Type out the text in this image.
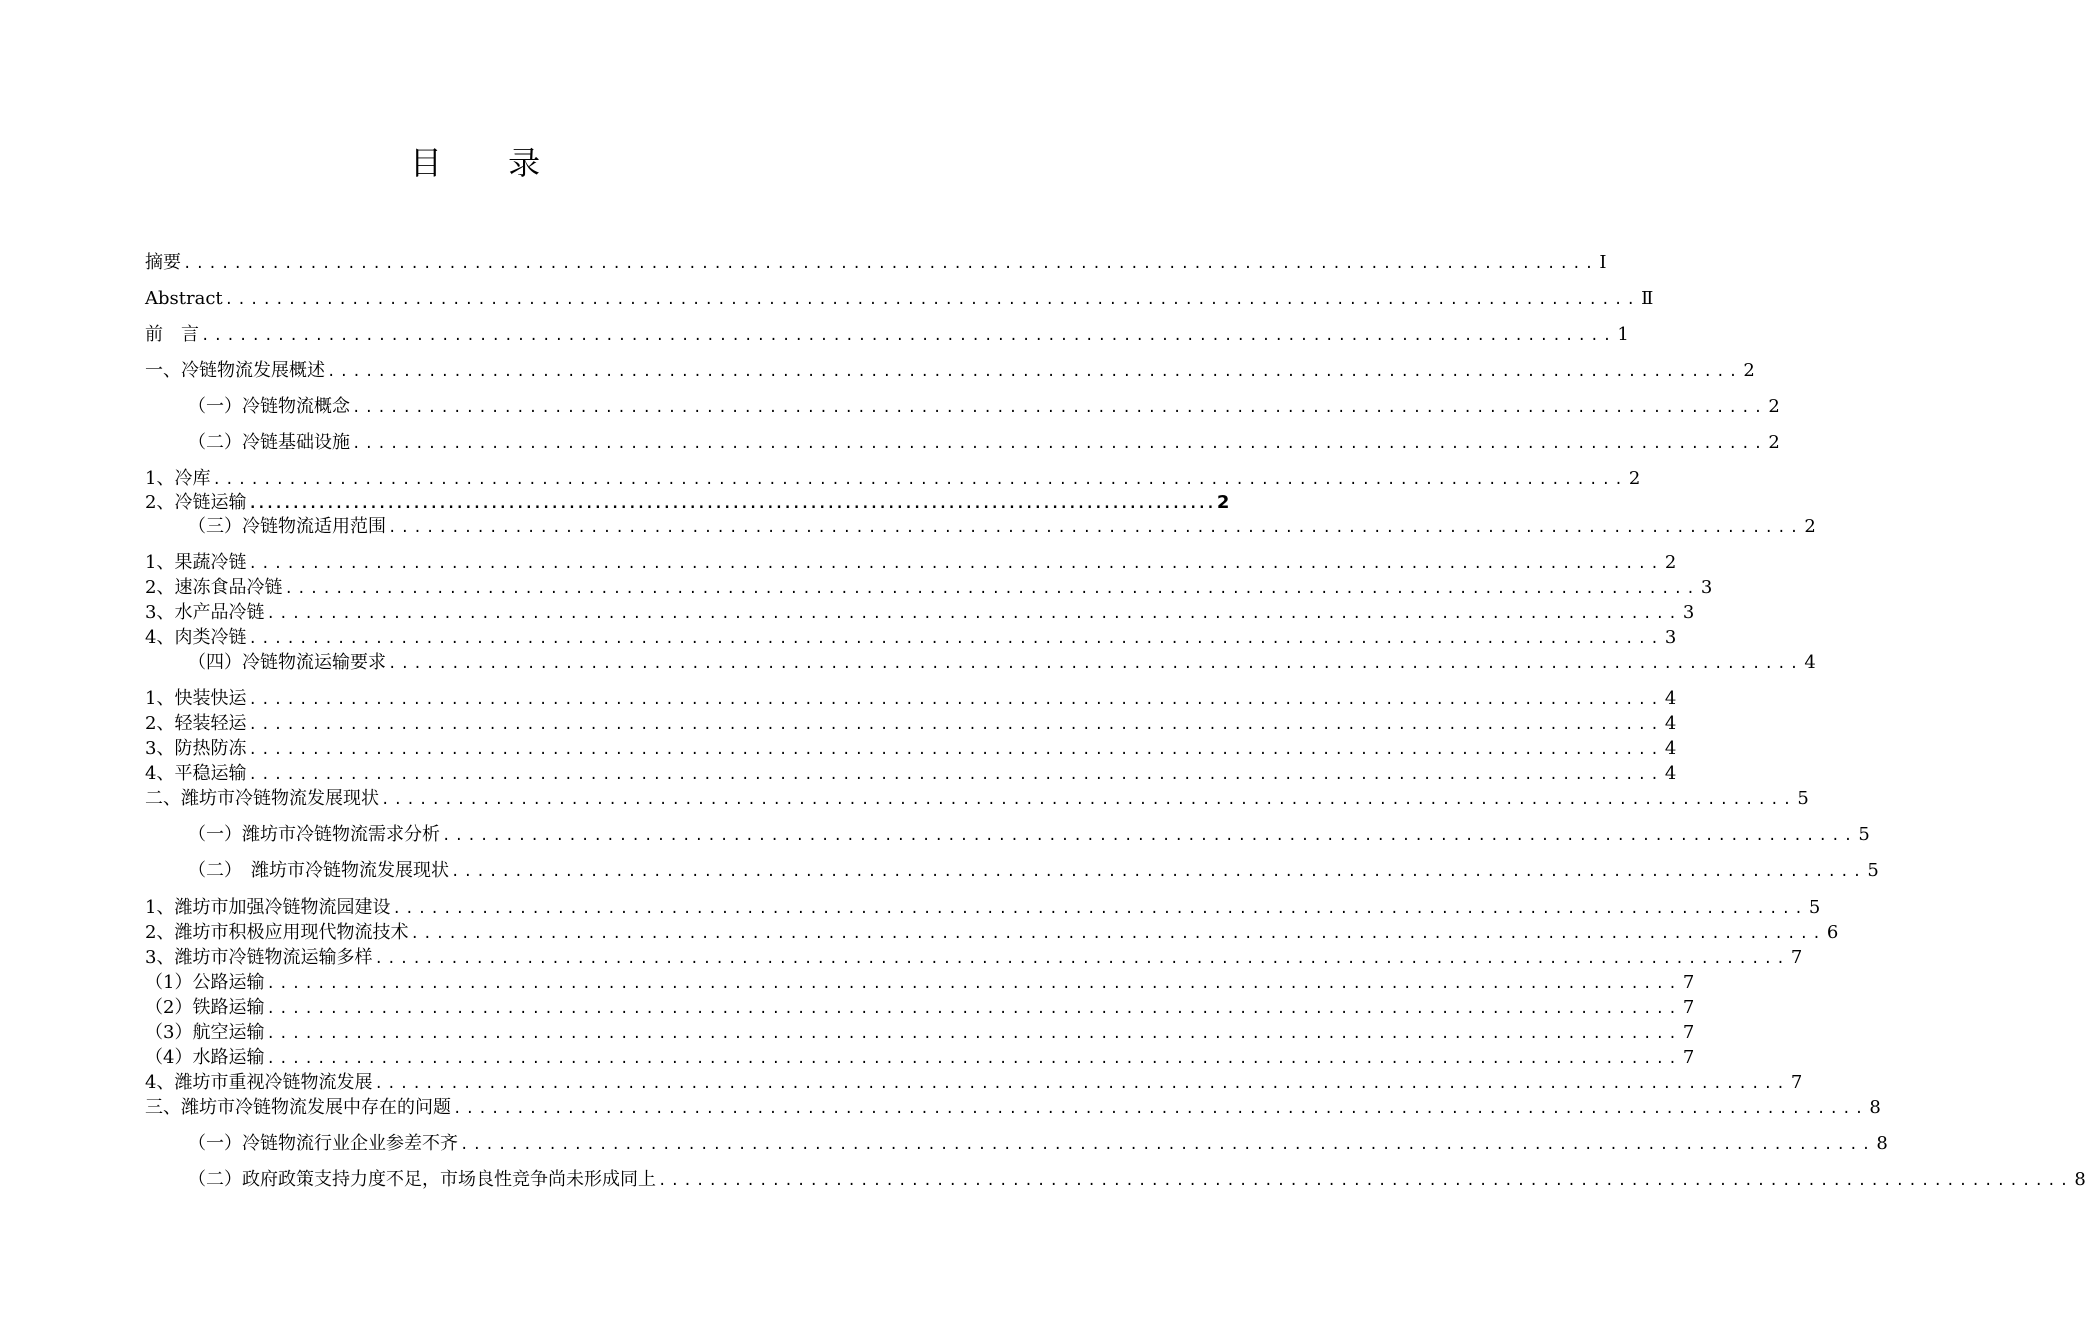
目 录
摘要 ................................................................................................................ I
Abstract ................................................................................................................ Ⅱ
前　言 ................................................................................................................ 1
一、冷链物流发展概述 ................................................................................................................ 2
（一）冷链物流概念 ................................................................................................................ 2
（二）冷链基础设施 ................................................................................................................ 2
1、冷库 ................................................................................................................ 2
2、冷链运输 ................................................................................................................ 2
（三）冷链物流适用范围 ................................................................................................................ 2
1、果蔬冷链 ................................................................................................................ 2
2、速冻食品冷链 ................................................................................................................ 3
3、水产品冷链 ................................................................................................................ 3
4、肉类冷链 ................................................................................................................ 3
（四）冷链物流运输要求 ................................................................................................................ 4
1、快装快运 ................................................................................................................ 4
2、轻装轻运 ................................................................................................................ 4
3、防热防冻 ................................................................................................................ 4
4、平稳运输 ................................................................................................................ 4
二、潍坊市冷链物流发展现状 ................................................................................................................ 5
（一）潍坊市冷链物流需求分析 ................................................................................................................ 5
（二）　潍坊市冷链物流发展现状 ................................................................................................................ 5
1、潍坊市加强冷链物流园建设 ................................................................................................................ 5
2、潍坊市积极应用现代物流技术 ................................................................................................................ 6
3、潍坊市冷链物流运输多样 ................................................................................................................ 7
（1）公路运输 ................................................................................................................ 7
（2）铁路运输 ................................................................................................................ 7
（3）航空运输 ................................................................................................................ 7
（4）水路运输 ................................................................................................................ 7
4、潍坊市重视冷链物流发展 ................................................................................................................ 7
三、潍坊市冷链物流发展中存在的问题 ................................................................................................................ 8
（一）冷链物流行业企业参差不齐 ................................................................................................................ 8
（二）政府政策支持力度不足，市场良性竞争尚未形成同上 ................................................................................................................ 8
